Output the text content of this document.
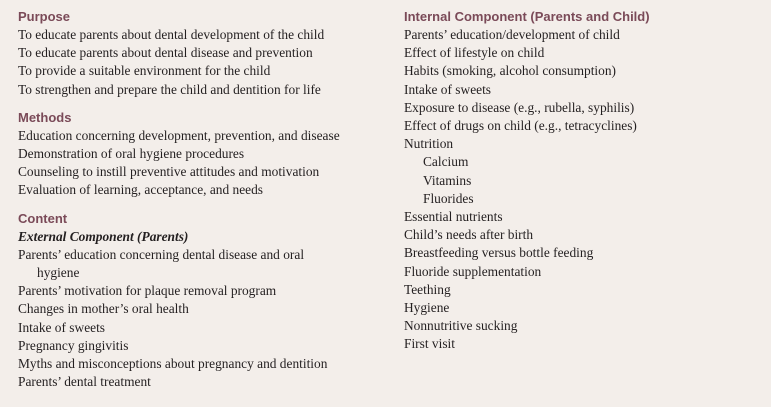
Purpose
To educate parents about dental development of the child
To educate parents about dental disease and prevention
To provide a suitable environment for the child
To strengthen and prepare the child and dentition for life
Methods
Education concerning development, prevention, and disease
Demonstration of oral hygiene procedures
Counseling to instill preventive attitudes and motivation
Evaluation of learning, acceptance, and needs
Content
External Component (Parents)
Parents’ education concerning dental disease and oral
hygiene
Parents’ motivation for plaque removal program
Changes in mother’s oral health
Intake of sweets
Pregnancy gingivitis
Myths and misconceptions about pregnancy and dentition
Parents’ dental treatment
Internal Component (Parents and Child)
Parents’ education/development of child
Effect of lifestyle on child
Habits (smoking, alcohol consumption)
Intake of sweets
Exposure to disease (e.g., rubella, syphilis)
Effect of drugs on child (e.g., tetracyclines)
Nutrition
Calcium
Vitamins
Fluorides
Essential nutrients
Child’s needs after birth
Breastfeeding versus bottle feeding
Fluoride supplementation
Teething
Hygiene
Nonnutritive sucking
First visit
